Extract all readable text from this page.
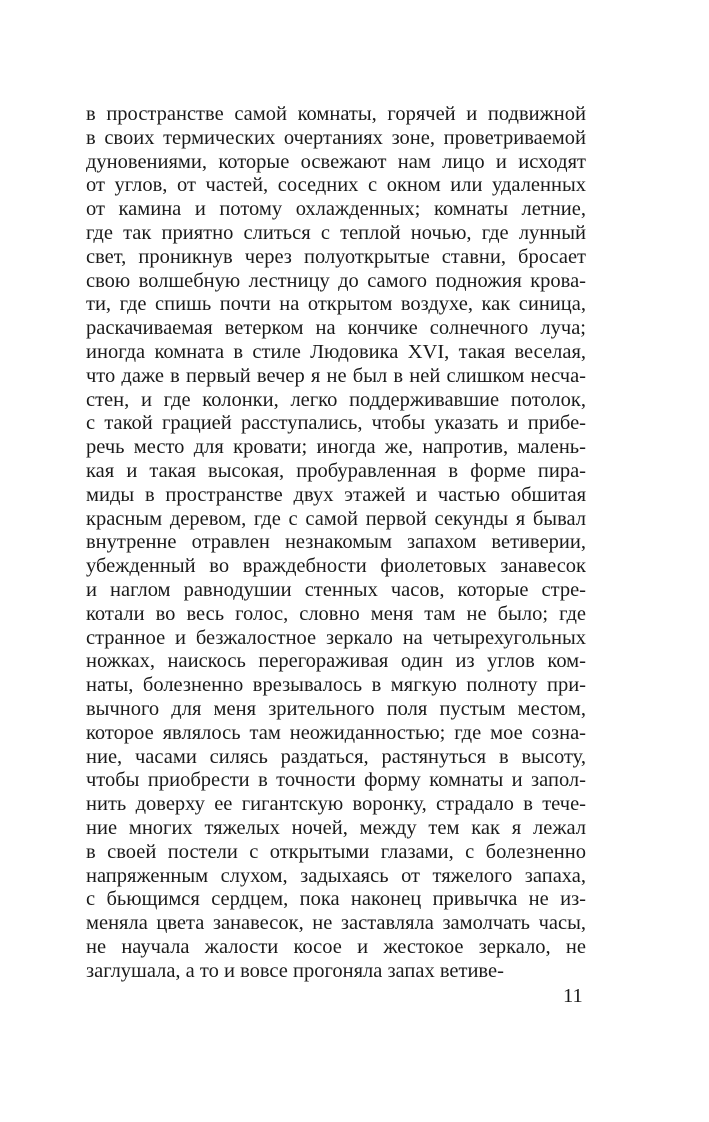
в пространстве самой комнаты, горячей и подвижной
в своих термических очертаниях зоне, проветриваемой
дуновениями, которые освежают нам лицо и исходят
от углов, от частей, соседних с окном или удаленных
от камина и потому охлажденных; комнаты летние,
где так приятно слиться с теплой ночью, где лунный
свет, проникнув через полуоткрытые ставни, бросает
свою волшебную лестницу до самого подножия крова-
ти, где спишь почти на открытом воздухе, как синица,
раскачиваемая ветерком на кончике солнечного луча;
иногда комната в стиле Людовика XVI, такая веселая,
что даже в первый вечер я не был в ней слишком несча-
стен, и где колонки, легко поддерживавшие потолок,
с такой грацией расступались, чтобы указать и прибе-
речь место для кровати; иногда же, напротив, малень-
кая и такая высокая, пробуравленная в форме пира-
миды в пространстве двух этажей и частью обшитая
красным деревом, где с самой первой секунды я бывал
внутренне отравлен незнакомым запахом ветиверии,
убежденный во враждебности фиолетовых занавесок
и наглом равнодушии стенных часов, которые стре-
котали во весь голос, словно меня там не было; где
странное и безжалостное зеркало на четырехугольных
ножках, наискось перегораживая один из углов ком-
наты, болезненно врезывалось в мягкую полноту при-
вычного для меня зрительного поля пустым местом,
которое являлось там неожиданностью; где мое созна-
ние, часами силясь раздаться, растянуться в высоту,
чтобы приобрести в точности форму комнаты и запол-
нить доверху ее гигантскую воронку, страдало в тече-
ние многих тяжелых ночей, между тем как я лежал
в своей постели с открытыми глазами, с болезненно
напряженным слухом, задыхаясь от тяжелого запаха,
с бьющимся сердцем, пока наконец привычка не из-
меняла цвета занавесок, не заставляла замолчать часы,
не научала жалости косое и жестокое зеркало, не
заглушала, а то и вовсе прогоняла запах ветиве-
11
